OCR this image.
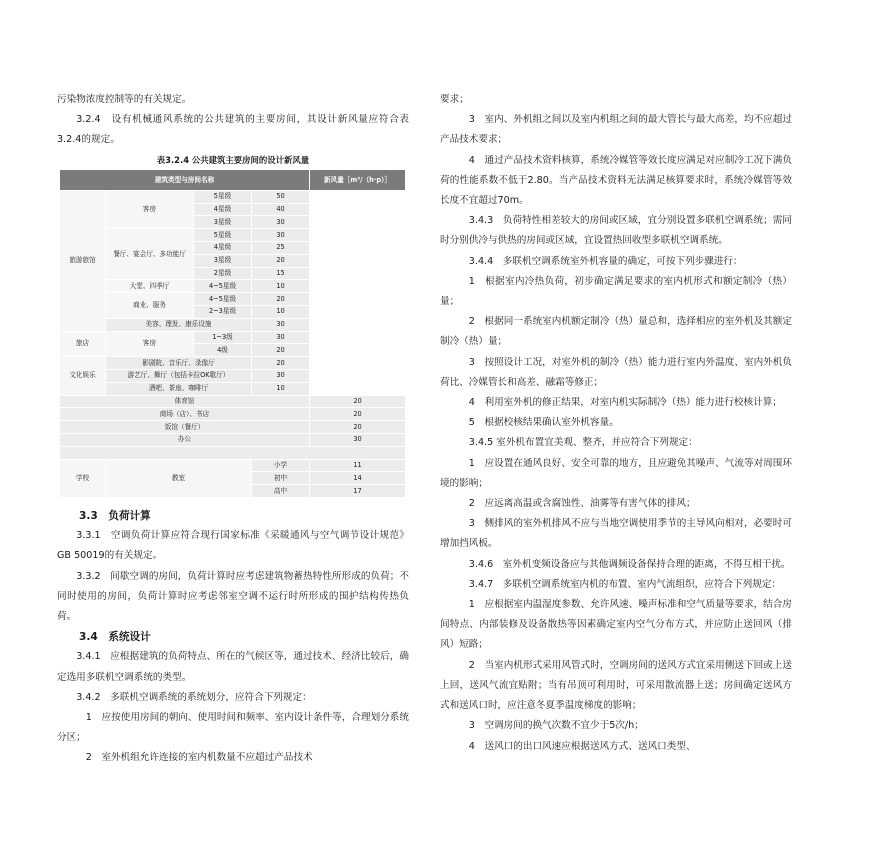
污染物浓度控制等的有关规定。

3.2.4　设有机械通风系统的公共建筑的主要房间，其设计新风量应符合表3.2.4的规定。

表3.2.4 公共建筑主要房间的设计新风量
建筑类型与房间名称				新风量［m³/（h·p）］
旅游旅馆	客房	5星级	50	
		4星级	40	
		3星级	30	
	餐厅、宴会厅、多功能厅	5星级	30	
		4星级	25	
		3星级	20	
		2星级	15	
	大堂、四季厅	4~5星级	10	
	商业、服务	4~5星级	20	
		2~3星级	10	
	美容、理发、康乐设施		30	
旅店	客房	1~3级	30	
		4级	20	
文化娱乐	影剧院、音乐厅、录像厅		20	
	游艺厅、舞厅（包括卡拉OK歌厅）		30	
	酒吧、茶座、咖啡厅		10	
体育馆				20
商场（店）、书店				20
饭馆（餐厅）				20
办公				30

学校	教室		小学	11
			初中	14
			高中	17

3.3　负荷计算

3.3.1　空调负荷计算应符合现行国家标准《采暖通风与空气调节设计规范》GB 50019的有关规定。

3.3.2　间歇空调的房间，负荷计算时应考虑建筑物蓄热特性所形成的负荷；不同时使用的房间，负荷计算时应考虑邻室空调不运行时所形成的围护结构传热负荷。

3.4　系统设计

3.4.1　应根据建筑的负荷特点、所在的气候区等，通过技术、经济比较后，确定选用多联机空调系统的类型。

3.4.2　多联机空调系统的系统划分，应符合下列规定：

1　应按使用房间的朝向、使用时间和频率、室内设计条件等，合理划分系统分区；

2　室外机组允许连接的室内机数量不应超过产品技术

要求；

3　室内、外机组之间以及室内机组之间的最大管长与最大高差，均不应超过产品技术要求；

4　通过产品技术资料核算，系统冷媒管等效长度应满足对应制冷工况下满负荷的性能系数不低于2.80。当产品技术资料无法满足核算要求时，系统冷媒管等效长度不宜超过70m。

3.4.3　负荷特性相差较大的房间或区域，宜分别设置多联机空调系统；需同时分别供冷与供热的房间或区域，宜设置热回收型多联机空调系统。

3.4.4　多联机空调系统室外机容量的确定，可按下列步骤进行：

1　根据室内冷热负荷，初步确定满足要求的室内机形式和额定制冷（热）量；

2　根据同一系统室内机额定制冷（热）量总和，选择相应的室外机及其额定制冷（热）量；

3　按照设计工况，对室外机的制冷（热）能力进行室内外温度、室内外机负荷比、冷媒管长和高差、融霜等修正；

4　利用室外机的修正结果，对室内机实际制冷（热）能力进行校核计算；

5　根据校核结果确认室外机容量。

3.4.5 室外机布置宜美观、整齐，并应符合下列规定：

1　应设置在通风良好、安全可靠的地方，且应避免其噪声、气流等对周围环境的影响；

2　应远离高温或含腐蚀性、油雾等有害气体的排风；

3　侧排风的室外机排风不应与当地空调使用季节的主导风向相对，必要时可增加挡风板。

3.4.6　室外机变频设备应与其他调频设备保持合理的距离，不得互相干扰。

3.4.7　多联机空调系统室内机的布置、室内气流组织，应符合下列规定：

1　应根据室内温湿度参数、允许风速、噪声标准和空气质量等要求，结合房间特点、内部装修及设备散热等因素确定室内空气分布方式，并应防止送回风（排风）短路；

2　当室内机形式采用风管式时，空调房间的送风方式宜采用侧送下回或上送上回，送风气流宜贴附；当有吊顶可利用时，可采用散流器上送；房间确定送风方式和送风口时，应注意冬夏季温度梯度的影响；

3　空调房间的换气次数不宜少于5次/h；

4　送风口的出口风速应根据送风方式、送风口类型、
